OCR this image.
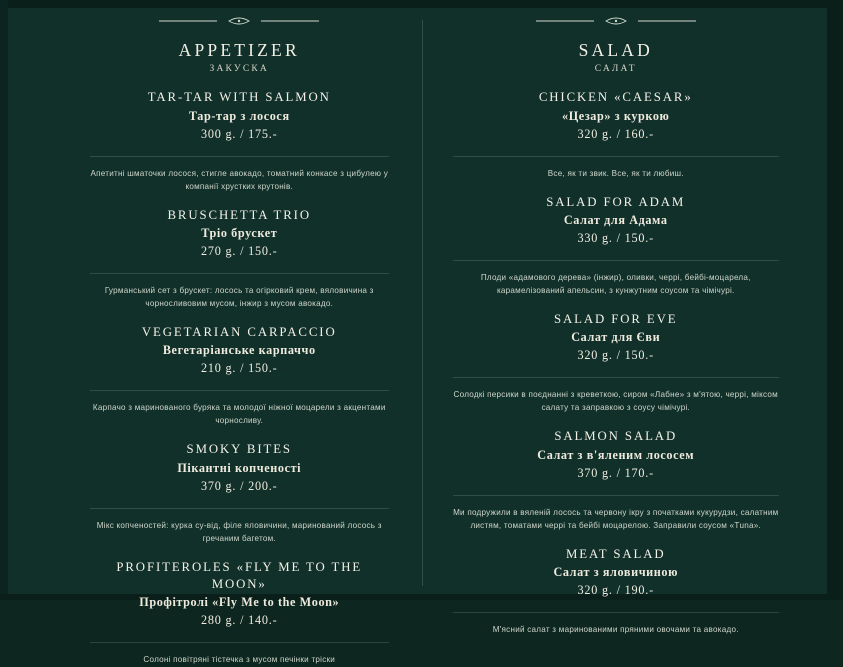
APPETIZER

ЗАКУСКА

TAR-TAR WITH SALMON

Тар-тар з лосося

300 g. / 175.-

Апетитні шматочки лосося, стигле авокадо, томатний конкасе з цибулею у компанії хрустких крутонів.

BRUSCHETTA TRIO

Тріо брускет

270 g. / 150.-

Гурманський сет з брускет: лосось та огірковий крем, вяловичина з чорносливовим мусом, інжир з мусом авокадо.

VEGETARIAN CARPACCIO

Вегетаріанське карпаччо

210 g. / 150.-

Карпачо з маринованого буряка та молодої ніжної моцарели з акцентами чорносливу.

SMOKY BITES

Пікантні копченості

370 g. / 200.-

Мікс копченостей: курка су-від, філе яловичини, маринований лосось з гречаним багетом.

PROFITEROLES «FLY ME TO THE MOON»

Профітролі «Fly Me to the Moon»

280 g. / 140.-

Солоні повітряні тістечка з мусом печінки тріски

SALAD

САЛАТ

CHICKEN «CAESAR»

«Цезар» з куркою

320 g. / 160.-

Все, як ти звик. Все, як ти любиш.

SALAD FOR ADAM

Салат для Адама

330 g. / 150.-

Плоди «адамового дерева» (інжир), оливки, черрі, бейбі-моцарела, карамелізований апельсин, з кунжутним соусом та чімічурі.

SALAD FOR EVE

Салат для Єви

320 g. / 150.-

Солодкі персики в поєднанні з креветкою, сиром «Лабне» з м'ятою, черрі, міксом салату та заправкою з соусу чімічурі.

SALMON SALAD

Салат з в'яленим лососем

370 g. / 170.-

Ми подружили в вяленій лосось та червону ікру з початками кукурудзи, салатним листям, томатами черрі та бейбі моцарелою. Заправили соусом «Тuna».

MEAT SALAD

Салат з яловичиною

320 g. / 190.-

М'ясний салат з маринованими пряними овочами та авокадо.
